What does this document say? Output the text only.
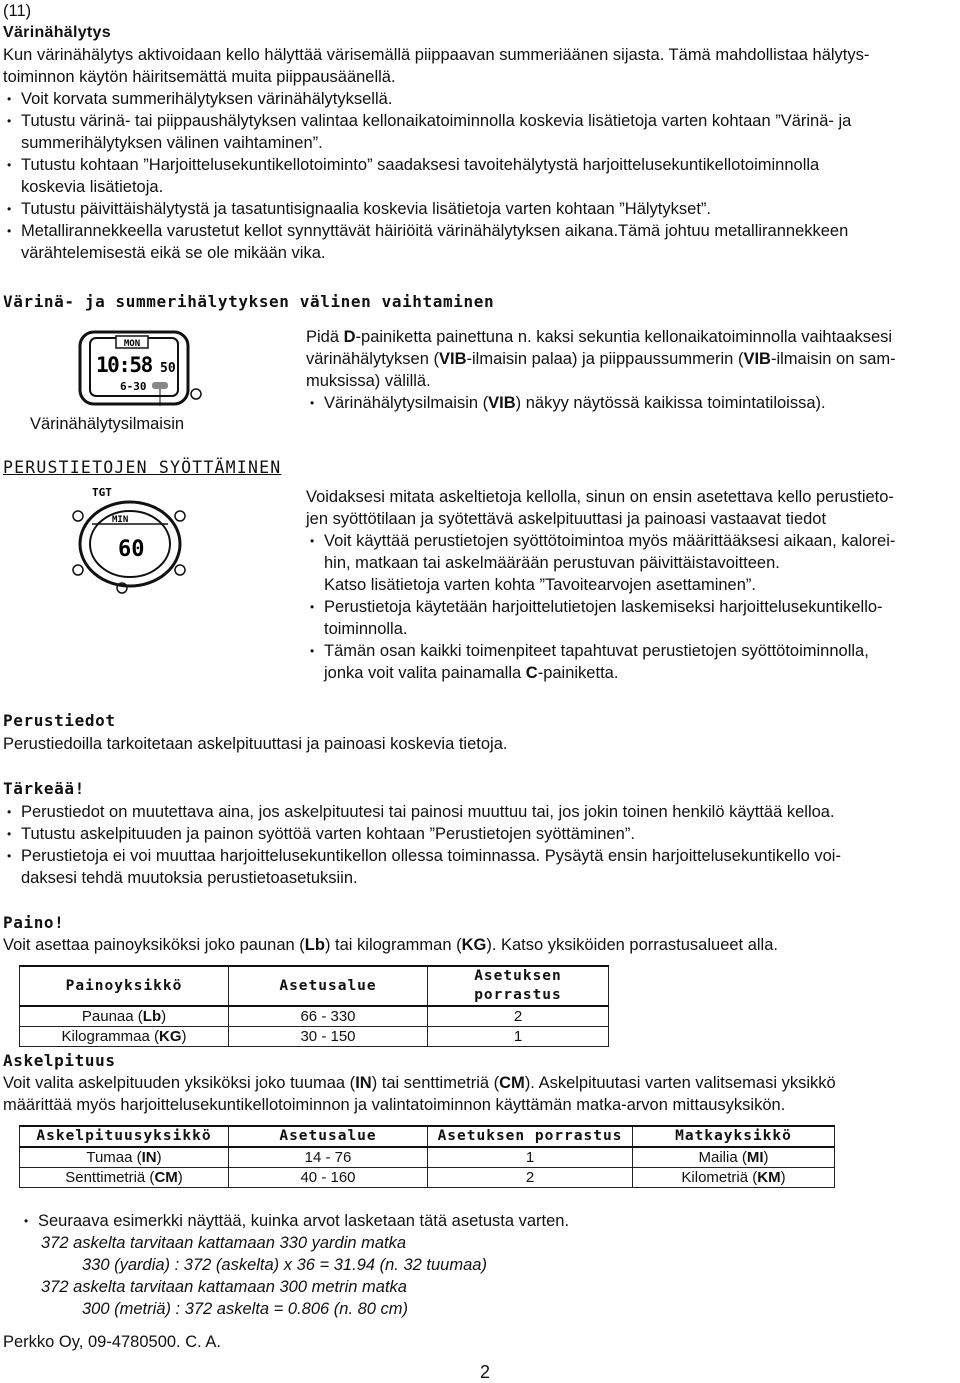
(11)
Värinähälytys

Kun värinähälytys aktivoidaan kello hälyttää värisemällä piippaavan summeriäänen sijasta. Tämä mahdollistaa hälytys-

toiminnon käytön häiritsemättä muita piippausäänellä.

• Voit korvata summerihälytyksen värinähälytyksellä.
• Tutustu värinä- tai piippaushälytyksen valintaa kellonaikatoiminnolla koskevia lisätietoja varten kohtaan ”Värinä- ja
summerihälytyksen välinen vaihtaminen”.
• Tutustu kohtaan ”Harjoittelusekuntikellotoiminto” saadaksesi tavoitehälytystä harjoittelusekuntikellotoiminnolla
koskevia lisätietoja.
• Tutustu päivittäishälytystä ja tasatuntisignaalia koskevia lisätietoja varten kohtaan ”Hälytykset”.
• Metallirannekkeella varustetut kellot synnyttävät häiriöitä värinähälytyksen aikana.Tämä johtuu metallirannekkeen
värähtelemisestä eikä se ole mikään vika.
Värinä- ja summerihälytyksen välinen vaihtaminen
MON
10:58 50
6-30
Värinähälytysilmaisin

Pidä D-painiketta painettuna n. kaksi sekuntia kellonaikatoiminnolla vaihtaaksesi

värinähälytyksen (VIB-ilmaisin palaa) ja piippaussummerin (VIB-ilmaisin on sam-

muksissa) välillä.

• Värinähälytysilmaisin (VIB) näkyy näytössä kaikissa toimintatiloissa).
PERUSTIETOJEN SYÖTTÄMINEN
TGT
MIN
60

Voidaksesi mitata askeltietoja kellolla, sinun on ensin asetettava kello perustieto-

jen syöttötilaan ja syötettävä askelpituuttasi ja painoasi vastaavat tiedot

• Voit käyttää perustietojen syöttötoimintoa myös määrittääksesi aikaan, kalorei-
hin, matkaan tai askelmäärään perustuvan päivittäistavoitteen.
Katso lisätietoja varten kohta ”Tavoitearvojen asettaminen”.
• Perustietoja käytetään harjoittelutietojen laskemiseksi harjoittelusekuntikello-
toiminnolla.
• Tämän osan kaikki toimenpiteet tapahtuvat perustietojen syöttötoiminnolla,
jonka voit valita painamalla C-painiketta.
Perustiedot
Perustiedoilla tarkoitetaan askelpituuttasi ja painoasi koskevia tietoja.
Tärkeää!
• Perustiedot on muutettava aina, jos askelpituutesi tai painosi muuttuu tai, jos jokin toinen henkilö käyttää kelloa.
• Tutustu askelpituuden ja painon syöttöä varten kohtaan ”Perustietojen syöttäminen”.
• Perustietoja ei voi muuttaa harjoittelusekuntikellon ollessa toiminnassa. Pysäytä ensin harjoittelusekuntikello voi-
daksesi tehdä muutoksia perustietoasetuksiin.
Paino!
Voit asettaa painoyksiköksi joko paunan (Lb) tai kilogramman (KG). Katso yksiköiden porrastusalueet alla.
Painoyksikkö	Asetusalue	Asetuksen porrastus
Paunaa (Lb)	66 - 330	2
Kilogrammaa (KG)	30 - 150	1
Askelpituus

Voit valita askelpituuden yksiköksi joko tuumaa (IN) tai senttimetriä (CM). Askelpituutasi varten valitsemasi yksikkö

määrittää myös harjoittelusekuntikellotoiminnon ja valintatoiminnon käyttämän matka-arvon mittausyksikön.

Askelpituusyksikkö	Asetusalue	Asetuksen porrastus	Matkayksikkö
Tumaa (IN)	14 - 76	1	Mailia (MI)
Senttimetriä (CM)	40 - 160	2	Kilometriä (KM)
• Seuraava esimerkki näyttää, kuinka arvot lasketaan tätä asetusta varten.

372 askelta tarvitaan kattamaan 330 yardin matka

330 (yardia) : 372 (askelta) x 36 = 31.94 (n. 32 tuumaa)

372 askelta tarvitaan kattamaan 300 metrin matka

300 (metriä) : 372 askelta = 0.806 (n. 80 cm)

Perkko Oy, 09-4780500. C. A.
2
